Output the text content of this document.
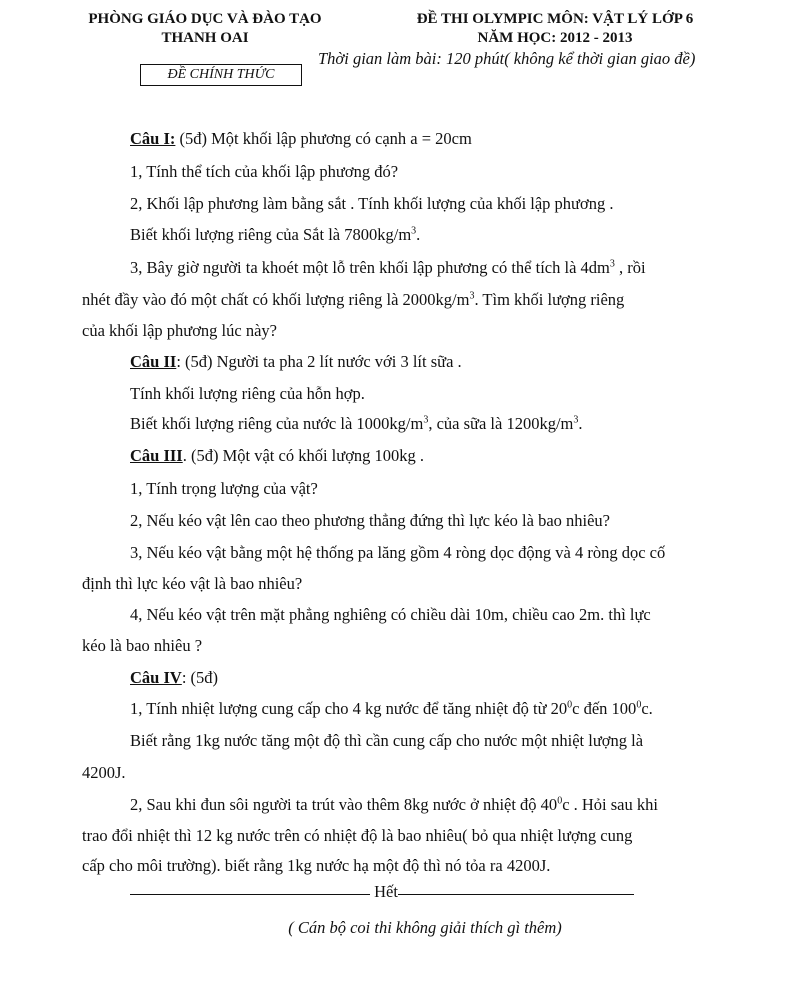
PHÒNG GIÁO DỤC VÀ ĐÀO TẠO
THANH OAI
ĐỀ THI OLYMPIC MÔN: VẬT LÝ LỚP 6
NĂM HỌC: 2012 - 2013
Thời gian làm bài: 120 phút( không kể thời gian giao đề)
ĐỀ CHÍNH THỨC
Câu I: (5đ) Một khối lập phương có cạnh a = 20cm
1, Tính thể tích của khối lập phương đó?
2, Khối lập phương làm bằng sắt . Tính khối lượng của khối lập phương .
Biết khối lượng riêng của Sắt là $7800kg/m^3$.
3, Bây giờ người ta khoét một lỗ trên khối lập phương có thể tích là $4dm^3$ , rồi
nhét đầy vào đó một chất có khối lượng riêng là $2000kg/m^3$. Tìm khối lượng riêng
của khối lập phương lúc này?
Câu II: (5đ) Người ta pha 2 lít nước với 3 lít sữa .
Tính khối lượng riêng của hỗn hợp.
Biết khối lượng riêng của nước là $1000kg/m^3$, của sữa là $1200kg/m^3$.
Câu III. (5đ) Một vật có khối lượng 100kg .
1, Tính trọng lượng của vật?
2, Nếu kéo vật lên cao theo phương thẳng đứng thì lực kéo là bao nhiêu?
3, Nếu kéo vật bằng một hệ thống pa lăng gồm 4 ròng dọc động và 4 ròng dọc cố
định thì lực kéo vật là bao nhiêu?
4, Nếu kéo vật trên mặt phẳng nghiêng có chiều dài 10m, chiều cao 2m. thì lực
kéo là bao nhiêu ?
Câu IV: (5đ)
1, Tính nhiệt lượng cung cấp cho 4 kg nước để tăng nhiệt độ từ $20^0c$ đến $100^0c$.
Biết rằng 1kg nước tăng một độ thì cần cung cấp cho nước một nhiệt lượng là
4200J.
2, Sau khi đun sôi người ta trút vào thêm 8kg nước ở nhiệt độ $40^0c$ . Hỏi sau khi
trao đổi nhiệt thì 12 kg nước trên có nhiệt độ là bao nhiêu( bỏ qua nhiệt lượng cung
cấp cho môi trường). biết rằng 1kg nước hạ một độ thì nó tỏa ra 4200J.
Hết
( Cán bộ coi thi không giải thích gì thêm)
